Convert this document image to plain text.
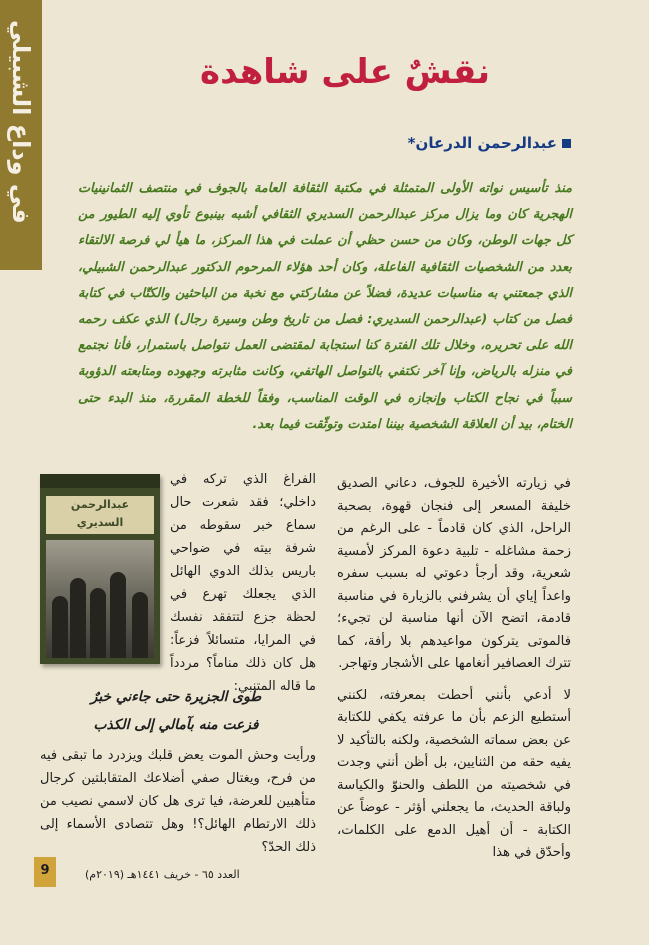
في وداع الشبيلي	نقشٌ على شاهدة
عبدالرحمن الدرعان*
منذ تأسيس نواته الأولى المتمثلة في مكتبة الثقافة العامة بالجوف في منتصف الثمانينيات الهجرية كان وما يزال مركز عبدالرحمن السديري الثقافي أشبه بينبوع تأوي إليه الطيور من كل جهات الوطن، وكان من حسن حظي أن عملت في هذا المركز، ما هيأ لي فرصة الالتقاء بعدد من الشخصيات الثقافية الفاعلة، وكان أحد هؤلاء المرحوم الدكتور عبدالرحمن الشبيلي، الذي جمعتني به مناسبات عديدة، فضلاً عن مشاركتي مع نخبة من الباحثين والكتّاب في كتابة فصل من كتاب (عبدالرحمن السديري: فصل من تاريخ وطن وسيرة رجال) الذي عكف رحمه الله على تحريره، وخلال تلك الفترة كنا استجابة لمقتضى العمل نتواصل باستمرار، فأنا نجتمع في منزله بالرياض، وإنا آخر نكتفي بالتواصل الهاتفي، وكانت مثابرته وجهوده ومتابعته الدؤوبة سبباً في نجاح الكتاب وإنجازه في الوقت المناسب، وفقاً للخطة المقررة، منذ البدء حتى الختام، بيد أن العلاقة الشخصية بيننا امتدت وتوثّقت فيما بعد.

في زيارته الأخيرة للجوف، دعاني الصديق خليفة المسعر إلى فنجان قهوة، بصحبة الراحل، الذي كان قادماً - على الرغم من زحمة مشاغله - تلبية دعوة المركز لأمسية شعرية، وقد أرجأ دعوتي له بسبب سفره واعداً إياي أن يشرفني بالزيارة في مناسبة قادمة، اتضح الآن أنها مناسبة لن تجيء؛ فالموتى يتركون مواعيدهم بلا رأفة، كما تترك العصافير أنغامها على الأشجار وتهاجر.

لا أدعي بأنني أحطت بمعرفته، لكنني أستطيع الزعم بأن ما عرفته يكفي للكتابة عن بعض سماته الشخصية، ولكنه بالتأكيد لا يفيه حقه من الثنايين، بل أظن أنني وجدت في شخصيته من اللطف والحنوّ والكياسة ولباقة الحديث، ما يجعلني أؤثر - عوضاً عن الكتابة - أن أهيل الدمع على الكلمات، وأحدّق في هذا

الفراغ الذي تركه في داخلي؛ فقد شعرت حال سماع خبر سقوطه من شرفة بيته في ضواحي باريس بذلك الدوي الهائل الذي يجعلك تهرع في لحظة جزع لتتفقد نفسك في المرايا، متسائلاً فزعاً: هل كان ذلك مناماً؟ مردداً ما قاله المتنبي:

عبدالرحمن السديري
طوى الجزيرة حتى جاءني خبرٌ
فزعت منه بآمالي إلى الكذب

ورأيت وحش الموت يعض قلبك ويزدرد ما تبقى فيه من فرح، ويغتال صفي أضلاعك المتقابلتين كرجال متأهبين للعرضة، فيا ترى هل كان لاسمي نصيب من ذلك الارتطام الهائل؟! وهل تتصادى الأسماء إلى ذلك الحدّ؟

9	العدد ٦٥ - خريف ١٤٤١هـ (٢٠١٩م)
